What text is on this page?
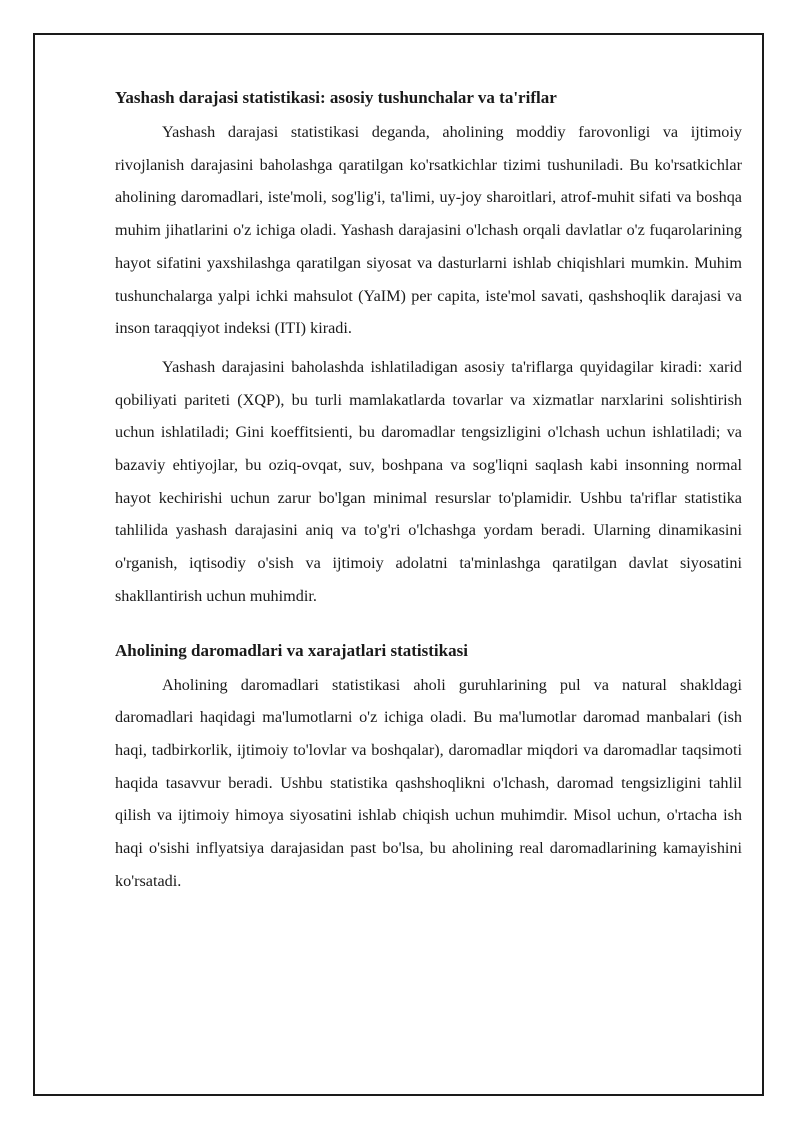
Yashash darajasi statistikasi: asosiy tushunchalar va ta'riflar

Yashash darajasi statistikasi deganda, aholining moddiy farovonligi va ijtimoiy rivojlanish darajasini baholashga qaratilgan ko'rsatkichlar tizimi tushuniladi. Bu ko'rsatkichlar aholining daromadlari, iste'moli, sog'lig'i, ta'limi, uy-joy sharoitlari, atrof-muhit sifati va boshqa muhim jihatlarini o'z ichiga oladi. Yashash darajasini o'lchash orqali davlatlar o'z fuqarolarining hayot sifatini yaxshilashga qaratilgan siyosat va dasturlarni ishlab chiqishlari mumkin. Muhim tushunchalarga yalpi ichki mahsulot (YaIM) per capita, iste'mol savati, qashshoqlik darajasi va inson taraqqiyot indeksi (ITI) kiradi.

Yashash darajasini baholashda ishlatiladigan asosiy ta'riflarga quyidagilar kiradi: xarid qobiliyati pariteti (XQP), bu turli mamlakatlarda tovarlar va xizmatlar narxlarini solishtirish uchun ishlatiladi; Gini koeffitsienti, bu daromadlar tengsizligini o'lchash uchun ishlatiladi; va bazaviy ehtiyojlar, bu oziq-ovqat, suv, boshpana va sog'liqni saqlash kabi insonning normal hayot kechirishi uchun zarur bo'lgan minimal resurslar to'plamidir. Ushbu ta'riflar statistika tahlilida yashash darajasini aniq va to'g'ri o'lchashga yordam beradi. Ularning dinamikasini o'rganish, iqtisodiy o'sish va ijtimoiy adolatni ta'minlashga qaratilgan davlat siyosatini shakllantirish uchun muhimdir.

Aholining daromadlari va xarajatlari statistikasi

Aholining daromadlari statistikasi aholi guruhlarining pul va natural shakldagi daromadlari haqidagi ma'lumotlarni o'z ichiga oladi. Bu ma'lumotlar daromad manbalari (ish haqi, tadbirkorlik, ijtimoiy to'lovlar va boshqalar), daromadlar miqdori va daromadlar taqsimoti haqida tasavvur beradi. Ushbu statistika qashshoqlikni o'lchash, daromad tengsizligini tahlil qilish va ijtimoiy himoya siyosatini ishlab chiqish uchun muhimdir. Misol uchun, o'rtacha ish haqi o'sishi inflyatsiya darajasidan past bo'lsa, bu aholining real daromadlarining kamayishini ko'rsatadi.
